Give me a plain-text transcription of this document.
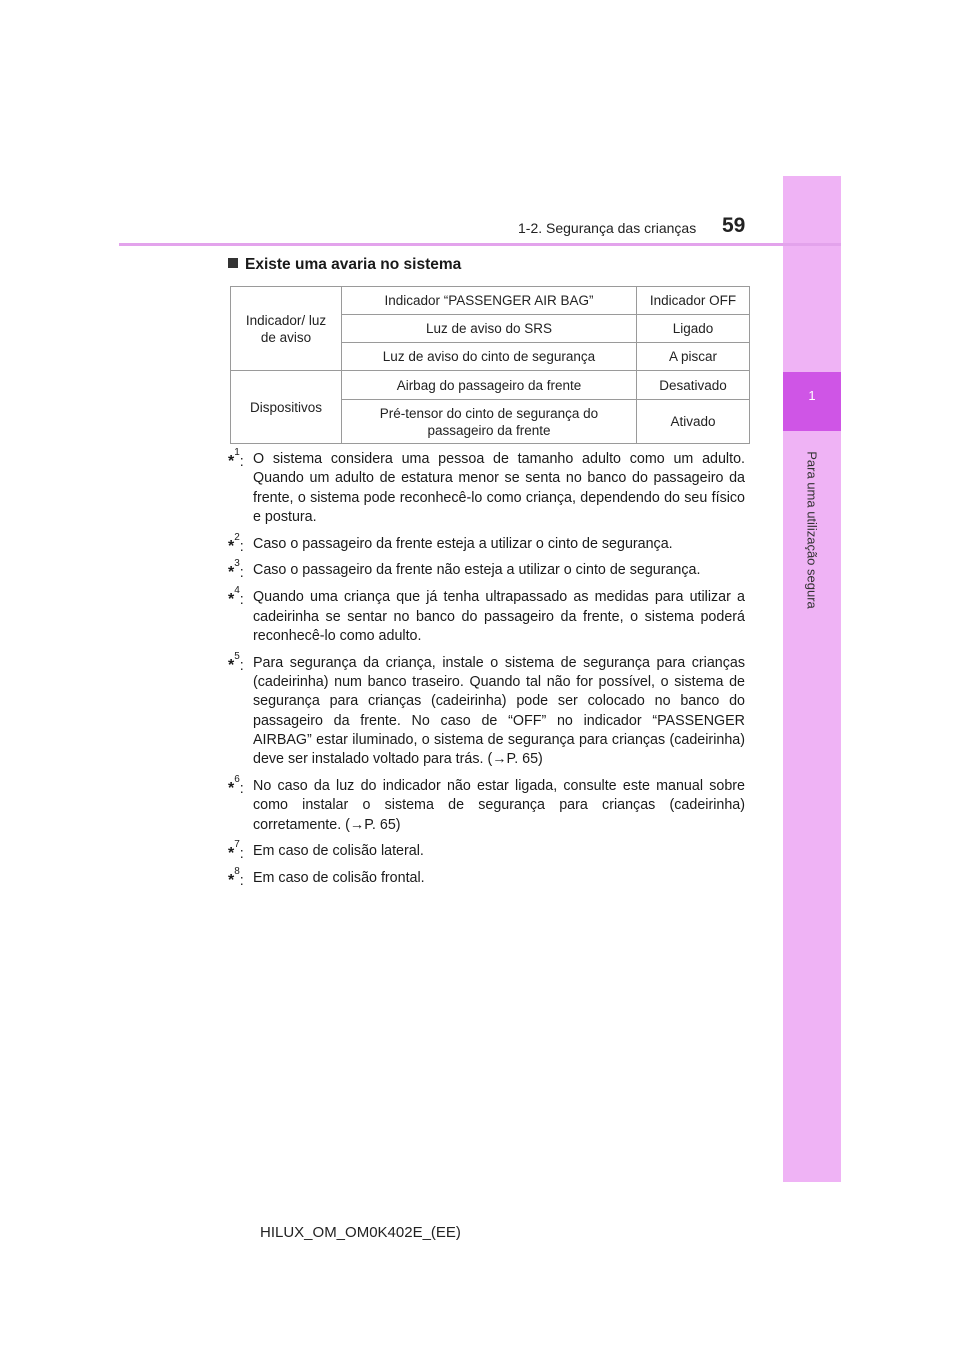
1
Para uma utilização segura
1-2. Segurança das crianças 59
Existe uma avaria no sistema
Indicador/ luz de aviso	Indicador “PASSENGER AIR BAG”	Indicador OFF
	Luz de aviso do SRS	Ligado
	Luz de aviso do cinto de segurança	A piscar
Dispositivos	Airbag do passageiro da frente	Desativado
	Pré-tensor do cinto de segurança do passageiro da frente	Ativado
*$^1$: O sistema considera uma pessoa de tamanho adulto como um adulto. Quando um adulto de estatura menor se senta no banco do passageiro da frente, o sistema pode reconhecê-lo como criança, dependendo do seu físico e postura.
*$^2$: Caso o passageiro da frente esteja a utilizar o cinto de segurança.
*$^3$: Caso o passageiro da frente não esteja a utilizar o cinto de segurança.
*$^4$: Quando uma criança que já tenha ultrapassado as medidas para utilizar a cadeirinha se sentar no banco do passageiro da frente, o sistema poderá reconhecê-lo como adulto.
*$^5$: Para segurança da criança, instale o sistema de segurança para crianças (cadeirinha) num banco traseiro. Quando tal não for possível, o sistema de segurança para crianças (cadeirinha) pode ser colocado no banco do passageiro da frente. No caso de “OFF” no indicador “PASSENGER AIRBAG” estar iluminado, o sistema de segurança para crianças (cadeirinha) deve ser instalado voltado para trás. (→P. 65)
*$^6$: No caso da luz do indicador não estar ligada, consulte este manual sobre como instalar o sistema de segurança para crianças (cadeirinha) corretamente. (→P. 65)
*$^7$: Em caso de colisão lateral.
*$^8$: Em caso de colisão frontal.
HILUX_OM_OM0K402E_(EE)
